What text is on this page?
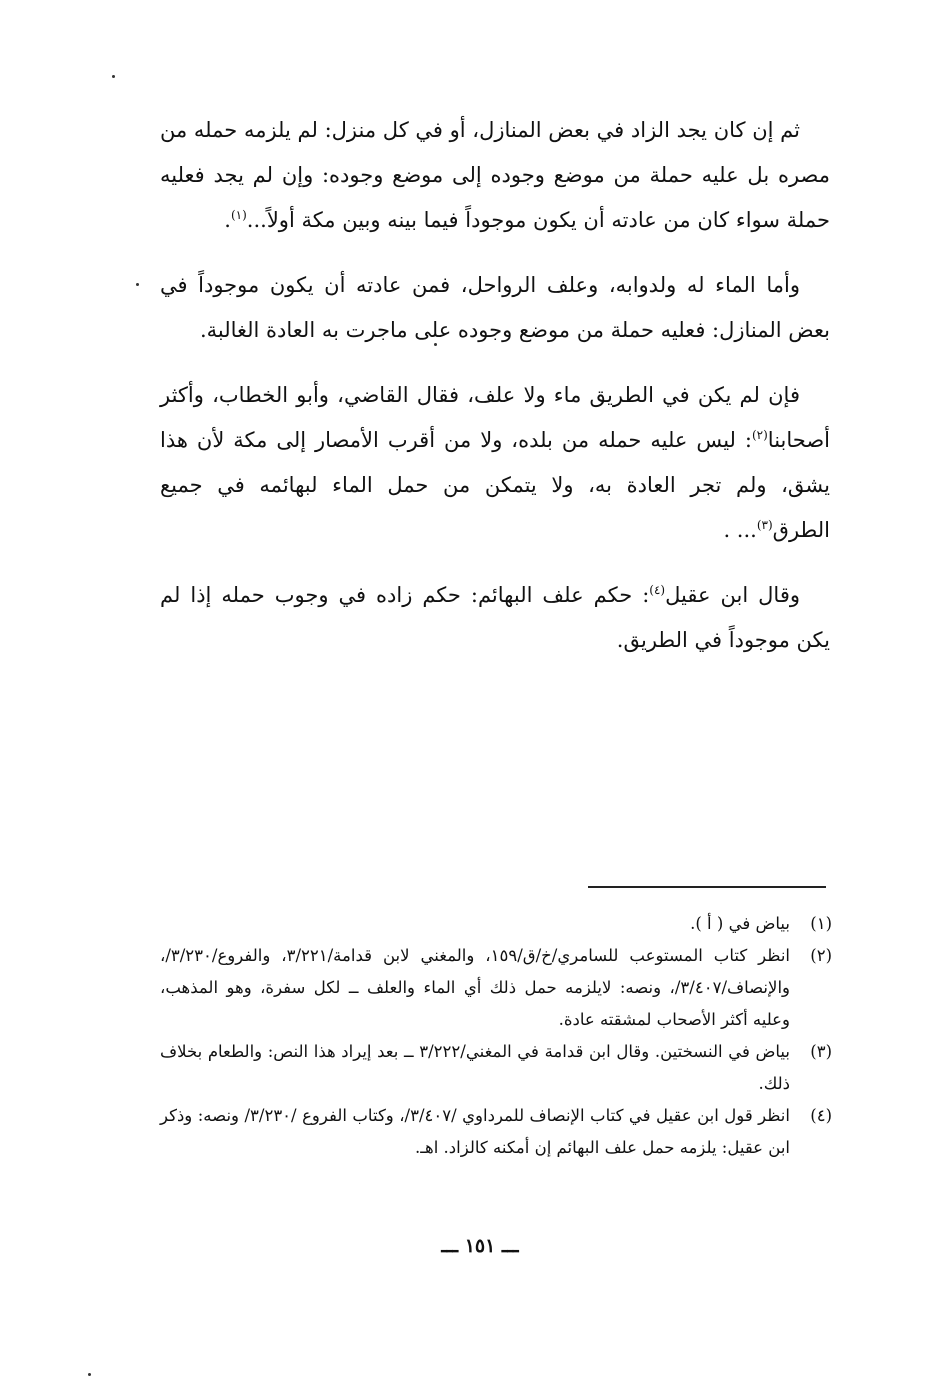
ثم إن كان يجد الزاد في بعض المنازل، أو في كل منزل: لم يلزمه حمله من مصره بل عليه حملة من موضع وجوده إلى موضع وجوده: وإن لم يجد فعليه حملة سواء كان من عادته أن يكون موجوداً فيما بينه وبين مكة أولاً...$^{(١)}$.

وأما الماء له ولدوابه، وعلف الرواحل، فمن عادته أن يكون موجوداً في بعض المنازل: فعليه حملة من موضع وجوده على ماجرت به العادة الغالبة.

فإن لم يكن في الطريق ماء ولا علف، فقال القاضي، وأبو الخطاب، وأكثر أصحابنا$^{(٢)}$: ليس عليه حمله من بلده، ولا من أقرب الأمصار إلى مكة لأن هذا يشق، ولم تجر العادة به، ولا يتمكن من حمل الماء لبهائمه في جميع الطرق$^{(٣)}$... .

وقال ابن عقيل$^{(٤)}$: حكم علف البهائم: حكم زاده في وجوب حمله إذا لم يكن موجوداً في الطريق.

(١)
بياض في ( أ ).
(٢)
انظر كتاب المستوعب للسامري/خ/ق/١٥٩، والمغني لابن قدامة/٣/٢٢١، والفروع/٣/٢٣٠/، والإنصاف/٣/٤٠٧/، ونصه: لايلزمه حمل ذلك أي الماء والعلف ــ لكل سفرة، وهو المذهب، وعليه أكثر الأصحاب لمشقته عادة.
(٣)
بياض في النسختين. وقال ابن قدامة في المغني/٣/٢٢٢ ــ بعد إيراد هذا النص: والطعام بخلاف ذلك.
(٤)
انظر قول ابن عقيل في كتاب الإنصاف للمرداوي /٣/٤٠٧/، وكتاب الفروع /٣/٢٣٠/ ونصه: وذكر ابن عقيل: يلزمه حمل علف البهائم إن أمكنه كالزاد. اهـ.
ـــ ١٥١ ـــ
